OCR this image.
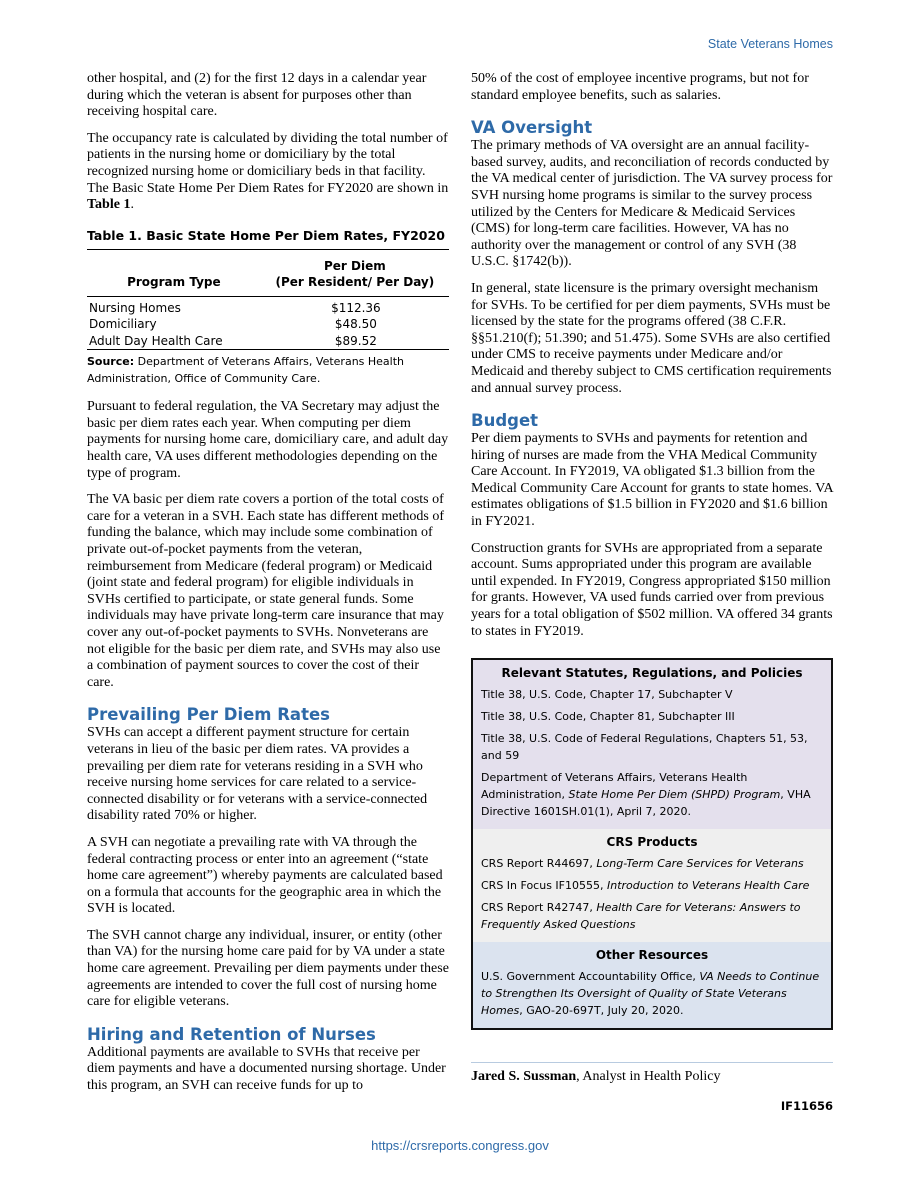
State Veterans Homes

other hospital, and (2) for the first 12 days in a calendar year during which the veteran is absent for purposes other than receiving hospital care.

The occupancy rate is calculated by dividing the total number of patients in the nursing home or domiciliary by the total recognized nursing home or domiciliary beds in that facility. The Basic State Home Per Diem Rates for FY2020 are shown in Table 1.

Table 1. Basic State Home Per Diem Rates, FY2020
Program Type	Per Diem
(Per Resident/ Per Day)

Nursing Homes	$112.36
Domiciliary	$48.50
Adult Day Health Care	$89.52
Source: Department of Veterans Affairs, Veterans Health Administration, Office of Community Care.

Pursuant to federal regulation, the VA Secretary may adjust the basic per diem rates each year. When computing per diem payments for nursing home care, domiciliary care, and adult day health care, VA uses different methodologies depending on the type of program.

The VA basic per diem rate covers a portion of the total costs of care for a veteran in a SVH. Each state has different methods of funding the balance, which may include some combination of private out-of-pocket payments from the veteran, reimbursement from Medicare (federal program) or Medicaid (joint state and federal program) for eligible individuals in SVHs certified to participate, or state general funds. Some individuals may have private long-term care insurance that may cover any out-of-pocket payments to SVHs. Nonveterans are not eligible for the basic per diem rate, and SVHs may also use a combination of payment sources to cover the cost of their care.

Prevailing Per Diem Rates

SVHs can accept a different payment structure for certain veterans in lieu of the basic per diem rates. VA provides a prevailing per diem rate for veterans residing in a SVH who receive nursing home services for care related to a service-connected disability or for veterans with a service-connected disability rated 70% or higher.

A SVH can negotiate a prevailing rate with VA through the federal contracting process or enter into an agreement (“state home care agreement”) whereby payments are calculated based on a formula that accounts for the geographic area in which the SVH is located.

The SVH cannot charge any individual, insurer, or entity (other than VA) for the nursing home care paid for by VA under a state home care agreement. Prevailing per diem payments under these agreements are intended to cover the full cost of nursing home care for eligible veterans.

Hiring and Retention of Nurses

Additional payments are available to SVHs that receive per diem payments and have a documented nursing shortage. Under this program, an SVH can receive funds for up to

50% of the cost of employee incentive programs, but not for standard employee benefits, such as salaries.

VA Oversight

The primary methods of VA oversight are an annual facility-based survey, audits, and reconciliation of records conducted by the VA medical center of jurisdiction. The VA survey process for SVH nursing home programs is similar to the survey process utilized by the Centers for Medicare & Medicaid Services (CMS) for long-term care facilities. However, VA has no authority over the management or control of any SVH (38 U.S.C. §1742(b)).

In general, state licensure is the primary oversight mechanism for SVHs. To be certified for per diem payments, SVHs must be licensed by the state for the programs offered (38 C.F.R. §§51.210(f); 51.390; and 51.475). Some SVHs are also certified under CMS to receive payments under Medicare and/or Medicaid and thereby subject to CMS certification requirements and annual survey process.

Budget

Per diem payments to SVHs and payments for retention and hiring of nurses are made from the VHA Medical Community Care Account. In FY2019, VA obligated $1.3 billion from the Medical Community Care Account for grants to state homes. VA estimates obligations of $1.5 billion in FY2020 and $1.6 billion in FY2021.

Construction grants for SVHs are appropriated from a separate account. Sums appropriated under this program are available until expended. In FY2019, Congress appropriated $150 million for grants. However, VA used funds carried over from previous years for a total obligation of $502 million. VA offered 34 grants to states in FY2019.

Relevant Statutes, Regulations, and Policies
Title 38, U.S. Code, Chapter 17, Subchapter V
Title 38, U.S. Code, Chapter 81, Subchapter III
Title 38, U.S. Code of Federal Regulations, Chapters 51, 53, and 59
Department of Veterans Affairs, Veterans Health Administration, State Home Per Diem (SHPD) Program, VHA Directive 1601SH.01(1), April 7, 2020.
CRS Products
CRS Report R44697, Long-Term Care Services for Veterans
CRS In Focus IF10555, Introduction to Veterans Health Care
CRS Report R42747, Health Care for Veterans: Answers to Frequently Asked Questions
Other Resources
U.S. Government Accountability Office, VA Needs to Continue to Strengthen Its Oversight of Quality of State Veterans Homes, GAO-20-697T, July 20, 2020.
Jared S. Sussman, Analyst in Health Policy
IF11656
https://crsreports.congress.gov
